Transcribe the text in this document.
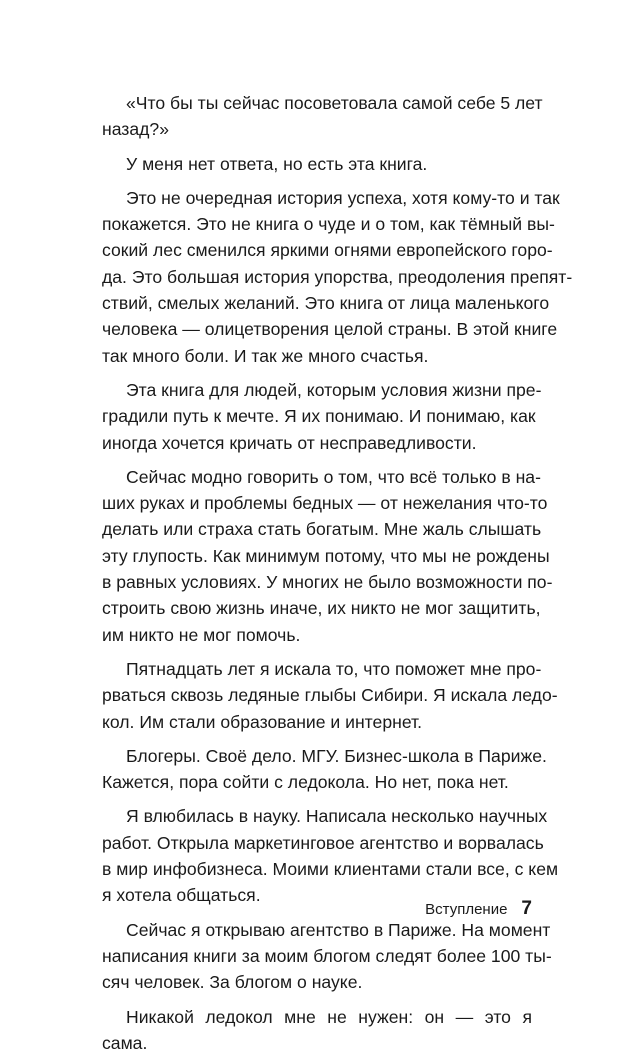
«Что бы ты сейчас посоветовала самой себе 5 лет
назад?»

У меня нет ответа, но есть эта книга.

Это не очередная история успеха, хотя кому-то и так
покажется. Это не книга о чуде и о том, как тёмный вы-
сокий лес сменился яркими огнями европейского горо-
да. Это большая история упорства, преодоления препят-
ствий, смелых желаний. Это книга от лица маленького
человека — олицетворения целой страны. В этой книге
так много боли. И так же много счастья.

Эта книга для людей, которым условия жизни пре-
градили путь к мечте. Я их понимаю. И понимаю, как
иногда хочется кричать от несправедливости.

Сейчас модно говорить о том, что всё только в на-
ших руках и проблемы бедных — от нежелания что-то
делать или страха стать богатым. Мне жаль слышать
эту глупость. Как минимум потому, что мы не рождены
в равных условиях. У многих не было возможности по-
строить свою жизнь иначе, их никто не мог защитить,
им никто не мог помочь.

Пятнадцать лет я искала то, что поможет мне про-
рваться сквозь ледяные глыбы Сибири. Я искала ледо-
кол. Им стали образование и интернет.

Блогеры. Своё дело. МГУ. Бизнес-школа в Париже.
Кажется, пора сойти с ледокола. Но нет, пока нет.

Я влюбилась в науку. Написала несколько научных
работ. Открыла маркетинговое агентство и ворвалась
в мир инфобизнеса. Моими клиентами стали все, с кем
я хотела общаться.

Сейчас я открываю агентство в Париже. На момент
написания книги за моим блогом следят более 100 ты-
сяч человек. За блогом о науке.

Никакой ледокол мне не нужен: он — это я
сама.

Вступление 7
